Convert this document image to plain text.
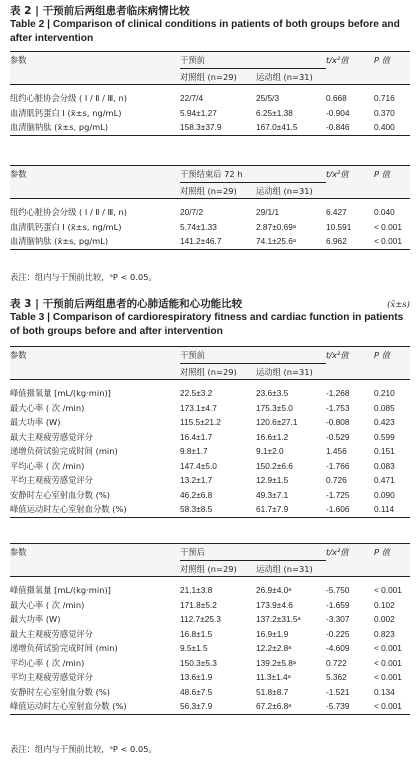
表 2 | 干预前后两组患者临床病情比较
Table 2 | Comparison of clinical conditions in patients of both groups before and after intervention
参数	干预前		t/x²值	P 值
	对照组 (n=29)	运动组 (n=31)		

纽约心脏协会分级 ( Ⅰ / Ⅱ / Ⅲ, n)	22/7/4	25/5/3	0.668	0.716
血清肌钙蛋白 Ⅰ (x̄±s, ng/mL)	5.94±1.27	6.25±1.38	-0.904	0.370
血清脑钠肽 (x̄±s, pg/mL)	158.3±37.9	167.0±41.5	-0.846	0.400
参数	干预结束后 72 h		t/x²值	P 值
	对照组 (n=29)	运动组 (n=31)		

纽约心脏协会分级 ( Ⅰ / Ⅱ / Ⅲ, n)	20/7/2	29/1/1	6.427	0.040
血清肌钙蛋白 Ⅰ (x̄±s, ng/mL)	5.74±1.33	2.87±0.69ᵃ	10.591	< 0.001
血清脑钠肽 (x̄±s, pg/mL)	141.2±46.7	74.1±25.6ᵃ	6.962	< 0.001
表注：组内与干预前比较，ᵃP < 0.05。
表 3 | 干预前后两组患者的心肺适能和心功能比较	(x̄±s)
Table 3 | Comparison of cardiorespiratory fitness and cardiac function in patients of both groups before and after intervention
参数	干预前		t/x²值	P 值
	对照组 (n=29)	运动组 (n=31)		

峰值摄氧量 [mL/(kg·min)]	22.5±3.2	23.6±3.5	-1.268	0.210
最大心率 ( 次 /min)	173.1±4.7	175.3±5.0	-1.753	0.085
最大功率 (W)	115.5±21.2	120.6±27.1	-0.808	0.423
最大主观疲劳感觉评分	16.4±1.7	16.6±1.2	-0.529	0.599
递增负荷试验完成时间 (min)	9.8±1.7	9.1±2.0	1.456	0.151
平均心率 ( 次 /min)	147.4±5.0	150.2±6.6	-1.766	0.083
平均主观疲劳感觉评分	13.2±1.7	12.9±1.5	0.726	0.471
安静时左心室射血分数 (%)	46.2±6.8	49.3±7.1	-1.725	0.090
峰值运动时左心室射血分数 (%)	58.3±8.5	61.7±7.9	-1.606	0.114
参数	干预后		t/x²值	P 值
	对照组 (n=29)	运动组 (n=31)		

峰值摄氧量 [mL/(kg·min)]	21.1±3.8	26.9±4.0ᵃ	-5.750	< 0.001
最大心率 ( 次 /min)	171.8±5.2	173.9±4.6	-1.659	0.102
最大功率 (W)	112.7±25.3	137.2±31.5ᵃ	-3.307	0.002
最大主观疲劳感觉评分	16.8±1.5	16.9±1.9	-0.225	0.823
递增负荷试验完成时间 (min)	9.5±1.5	12.2±2.8ᵃ	-4.609	< 0.001
平均心率 ( 次 /min)	150.3±5.3	139.2±5.8ᵃ	0.722	< 0.001
平均主观疲劳感觉评分	13.6±1.9	11.3±1.4ᵃ	5.362	< 0.001
安静时左心室射血分数 (%)	48.6±7.5	51.8±8.7	-1.521	0.134
峰值运动时左心室射血分数 (%)	56.3±7.9	67.2±6.8ᵃ	-5.739	< 0.001
表注：组内与干预前比较，ᵃP < 0.05。
